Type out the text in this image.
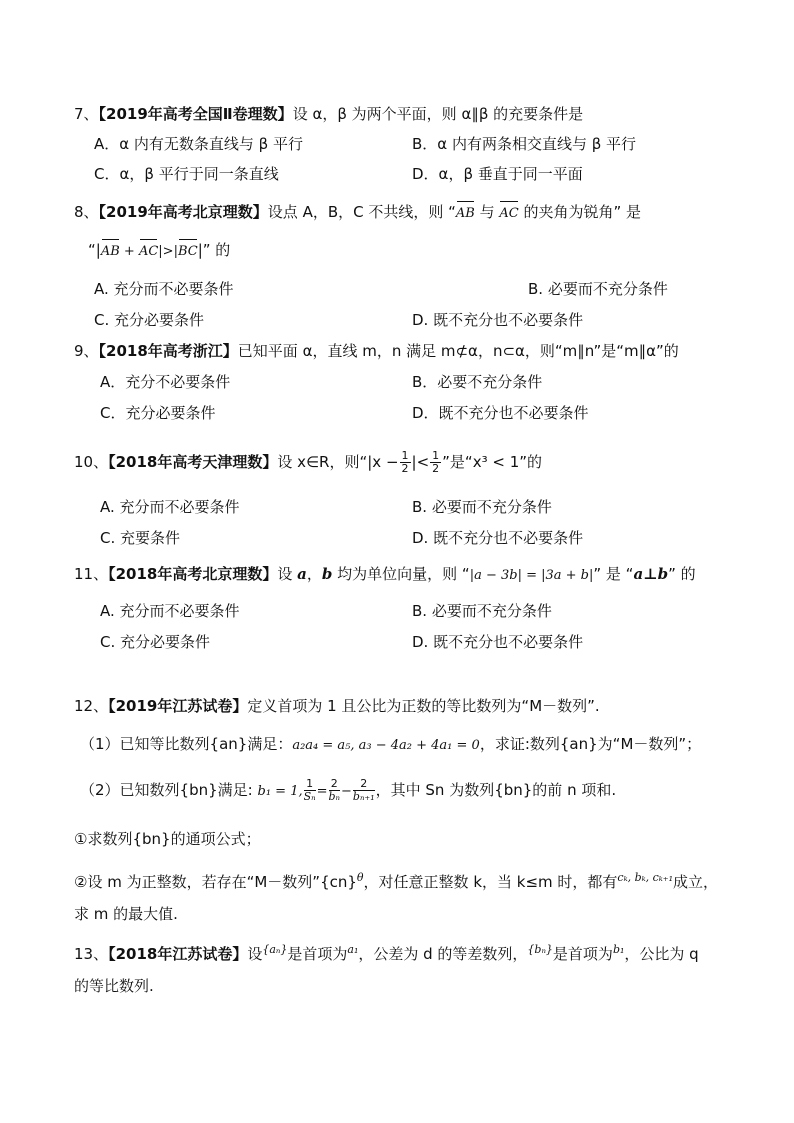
7、【2019年高考全国Ⅱ卷理数】设 α，β 为两个平面，则 α∥β 的充要条件是
A．α 内有无数条直线与 β 平行	B．α 内有两条相交直线与 β 平行
C．α，β 平行于同一条直线	D．α，β 垂直于同一平面
8、【2019年高考北京理数】设点 A，B，C 不共线，则 “AB 与 AC 的夹角为锐角” 是
“|AB + AC|>|BC|” 的
A. 充分而不必要条件	B. 必要而不充分条件
C. 充分必要条件	D. 既不充分也不必要条件
9、【2018年高考浙江】已知平面 α，直线 m，n 满足 m⊄α，n⊂α，则“m∥n”是“m∥α”的
A．充分不必要条件	B．必要不充分条件
C．充分必要条件	D．既不充分也不必要条件
10、【2018年高考天津理数】设 x∈R，则“$|x - \frac{1}{2}$ |< $\frac{1}{2}$ ”是“x³ < 1”的
A. 充分而不必要条件	B. 必要而不充分条件
C. 充要条件	D. 既不充分也不必要条件
11、【2018年高考北京理数】设 a，b 均为单位向量，则 “|a − 3b| = |3a + b|” 是 “a⊥b” 的
A. 充分而不必要条件	B. 必要而不充分条件
C. 充分必要条件	D. 既不充分也不必要条件
12、【2019年江苏试卷】定义首项为 1 且公比为正数的等比数列为“M－数列”.
（1）已知等比数列{an}满足：a₂a₄ = a₅, a₃ − 4a₂ + 4a₁ = 0，求证:数列{an}为“M－数列”；
（2）已知数列{bn}满足: b₁ = 1, $\frac{1}{\text{Sₙ}} = \frac{2}{\text{bₙ}} - \frac{2}{\text{bₙ₊₁}}$ ，其中 Sn 为数列{bn}的前 n 项和.
①求数列{bn}的通项公式；
②设 m 为正整数，若存在“M－数列”{cn}$^\theta$，对任意正整数 k，当 k≤m 时，都有$^{c_k, b_k, c_{k+1}}$成立，
求 m 的最大值.
13、【2018年江苏试卷】设$^{\{a_n\}}$是首项为$^{a_1}$，公差为 d 的等差数列，$^{\{b_n\}}$是首项为$^{b_1}$，公比为 q
的等比数列.
